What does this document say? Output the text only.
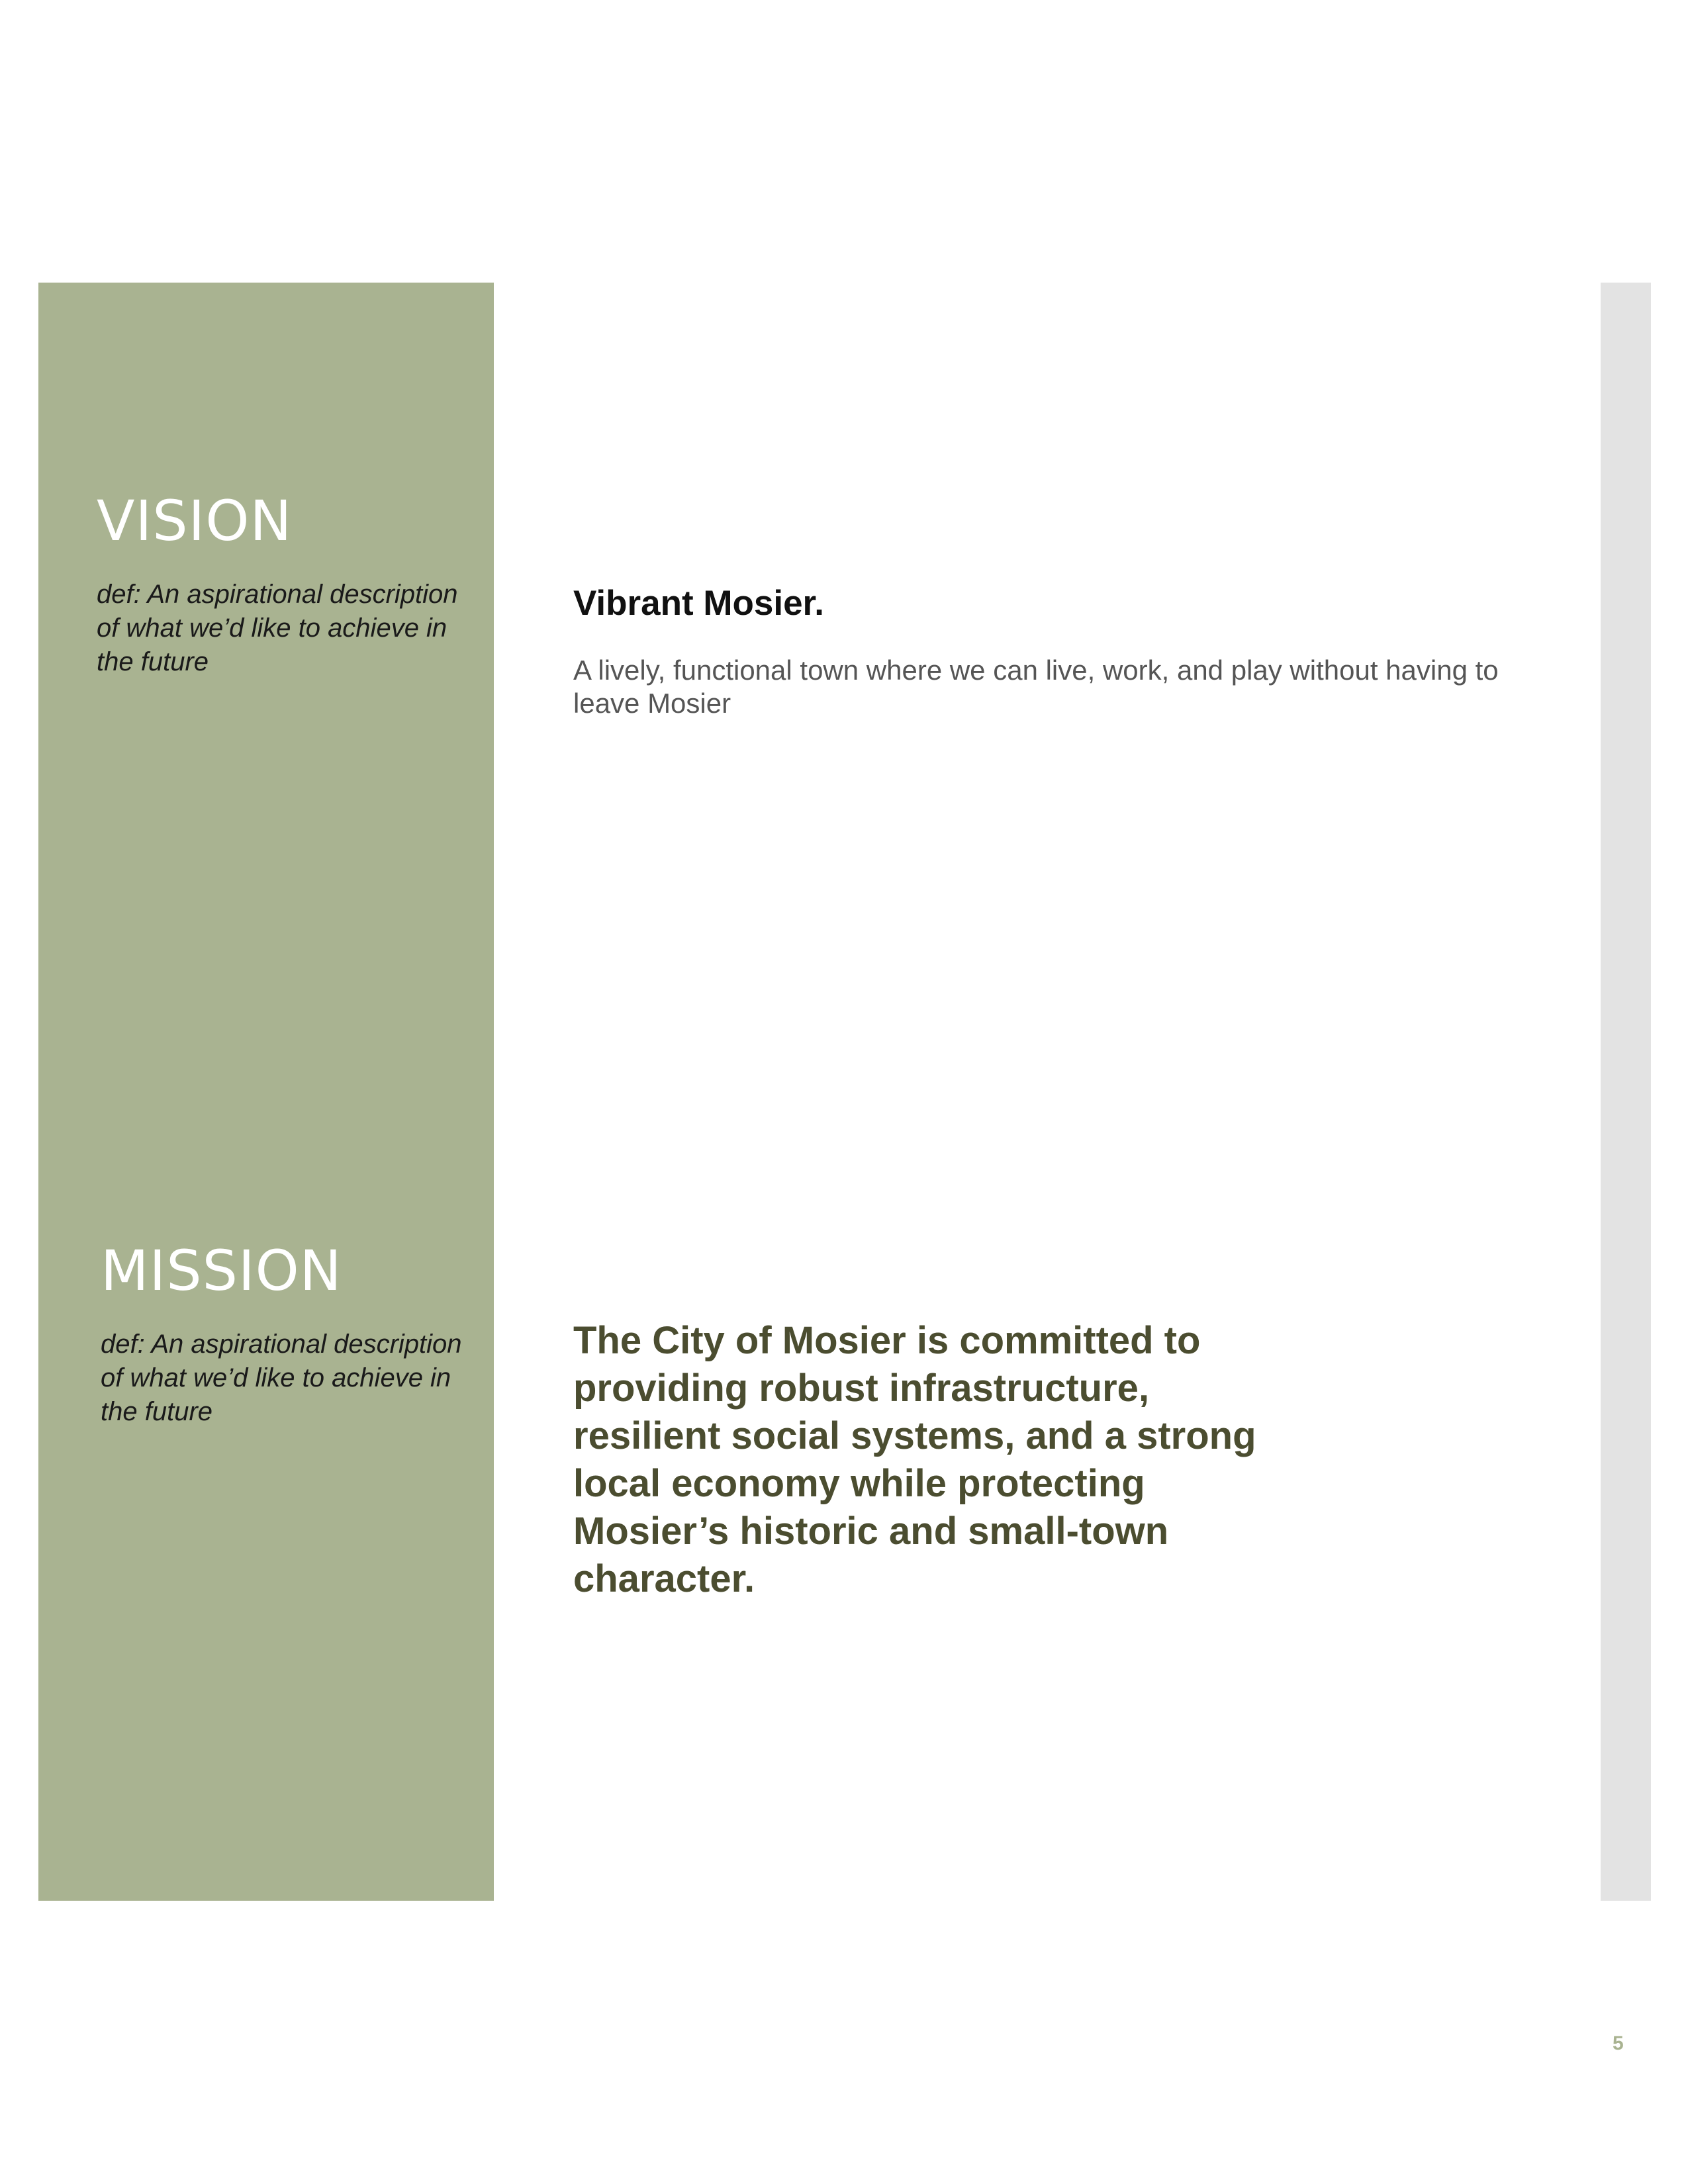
VISION

def: An aspirational description of what we’d like to achieve in the future

Vibrant Mosier.

A lively, functional town where we can live, work, and play without having to leave Mosier

MISSION

def: An aspirational description of what we’d like to achieve in the future

The City of Mosier is committed to providing robust infrastructure, resilient social systems, and a strong local economy while protecting Mosier’s historic and small-town character.

5
